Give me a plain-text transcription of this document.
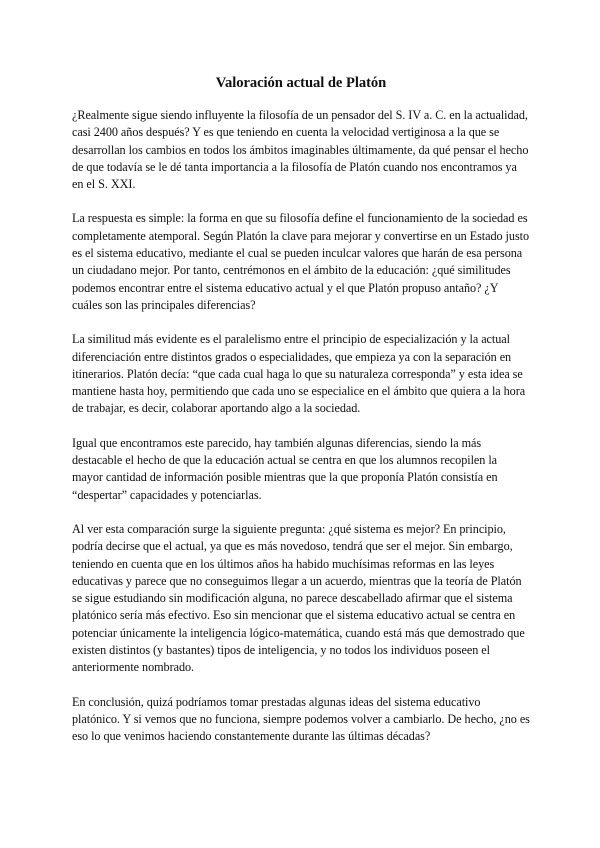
Valoración actual de Platón

¿Realmente sigue siendo influyente la filosofía de un pensador del S. IV a. C. en la actualidad, casi 2400 años después? Y es que teniendo en cuenta la velocidad vertiginosa a la que se desarrollan los cambios en todos los ámbitos imaginables últimamente, da qué pensar el hecho de que todavía se le dé tanta importancia a la filosofía de Platón cuando nos encontramos ya en el S. XXI.

La respuesta es simple: la forma en que su filosofía define el funcionamiento de la sociedad es completamente atemporal. Según Platón la clave para mejorar y convertirse en un Estado justo es el sistema educativo, mediante el cual se pueden inculcar valores que harán de esa persona un ciudadano mejor. Por tanto, centrémonos en el ámbito de la educación: ¿qué similitudes podemos encontrar entre el sistema educativo actual y el que Platón propuso antaño? ¿Y cuáles son las principales diferencias?

La similitud más evidente es el paralelismo entre el principio de especialización y la actual diferenciación entre distintos grados o especialidades, que empieza ya con la separación en itinerarios. Platón decía: “que cada cual haga lo que su naturaleza corresponda” y esta idea se mantiene hasta hoy, permitiendo que cada uno se especialice en el ámbito que quiera a la hora de trabajar, es decir, colaborar aportando algo a la sociedad.

Igual que encontramos este parecido, hay también algunas diferencias, siendo la más destacable el hecho de que la educación actual se centra en que los alumnos recopilen la mayor cantidad de información posible mientras que la que proponía Platón consistía en “despertar” capacidades y potenciarlas.

Al ver esta comparación surge la siguiente pregunta: ¿qué sistema es mejor? En principio, podría decirse que el actual, ya que es más novedoso, tendrá que ser el mejor. Sin embargo, teniendo en cuenta que en los últimos años ha habido muchísimas reformas en las leyes educativas y parece que no conseguimos llegar a un acuerdo, mientras que la teoría de Platón se sigue estudiando sin modificación alguna, no parece descabellado afirmar que el sistema platónico sería más efectivo. Eso sin mencionar que el sistema educativo actual se centra en potenciar únicamente la inteligencia lógico-matemática, cuando está más que demostrado que existen distintos (y bastantes) tipos de inteligencia, y no todos los individuos poseen el anteriormente nombrado.

En conclusión, quizá podríamos tomar prestadas algunas ideas del sistema educativo platónico. Y si vemos que no funciona, siempre podemos volver a cambiarlo. De hecho, ¿no es eso lo que venimos haciendo constantemente durante las últimas décadas?
